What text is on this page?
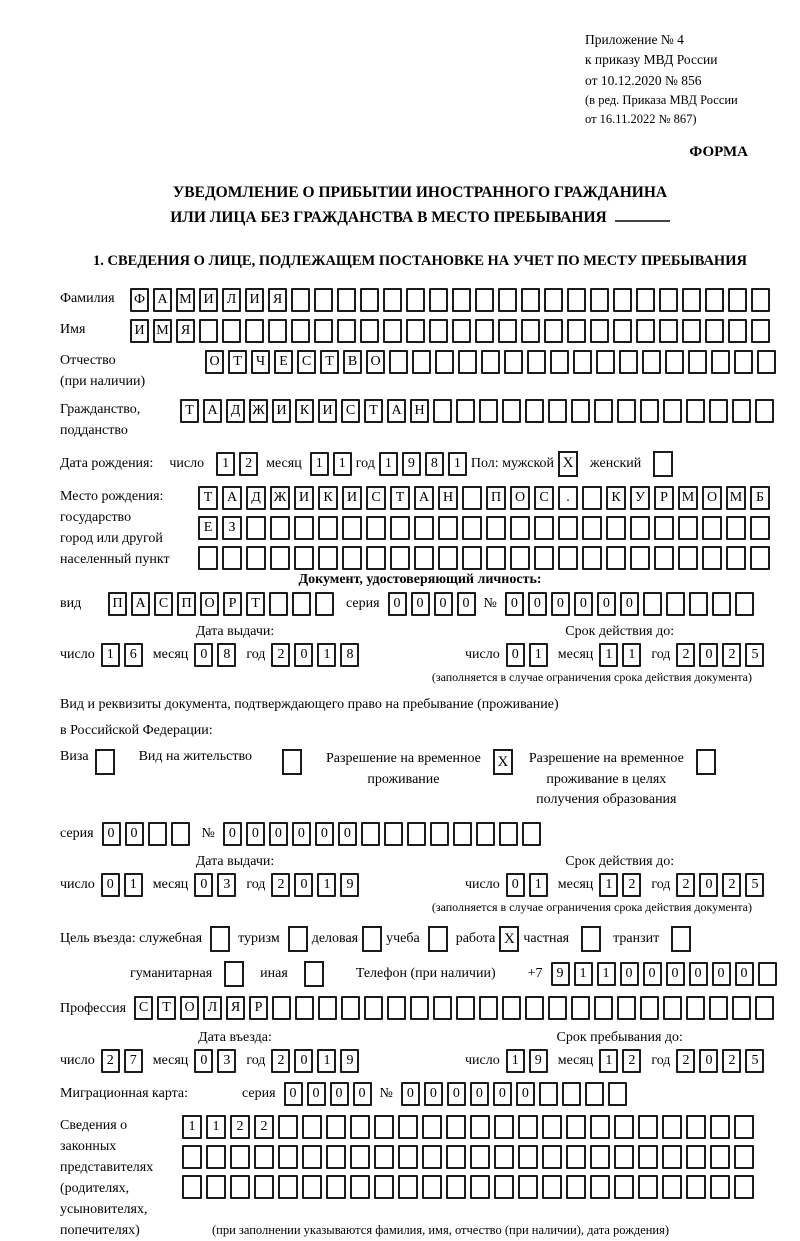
Приложение № 4
к приказу МВД России
от 10.12.2020 № 856
(в ред. Приказа МВД России
от 16.11.2022 № 867)
ФОРМА
УВЕДОМЛЕНИЕ О ПРИБЫТИИ ИНОСТРАННОГО ГРАЖДАНИНА
ИЛИ ЛИЦА БЕЗ ГРАЖДАНСТВА В МЕСТО ПРЕБЫВАНИЯ
1. СВЕДЕНИЯ О ЛИЦЕ, ПОДЛЕЖАЩЕМ ПОСТАНОВКЕ НА УЧЕТ ПО МЕСТУ ПРЕБЫВАНИЯ
Фамилия	Ф А М И Л И Я
Имя	И М Я
Отчество
(при наличии)
О Т	Ч	Е	С	Т	В О
Гражданство,
подданство
Т А Д Ж И К И С	Т А Н
Дата рождения: число	1	2	месяц	1	1 год 1	9	8	1 Пол: мужской X	женский
Место рождения:
государство
город или другой
населенный пункт
Т	А	Д Ж И	К	И	С	Т	А Н	П О	С	.	К	У	Р М О М Б
Е	З
Документ, удостоверяющий личность:
вид	П А С П О	Р	Т	серия	0	0	0	0	№	0	0	0	0	0	0
Дата выдачи:
число 1	6	месяц 0	8	год 2	0	1	8
Срок действия до:
число 0	1	месяц 1	1	год 2	0	2	5
(заполняется в случае ограничения срока действия документа)
Вид и реквизиты документа, подтверждающего право на пребывание (проживание)
в Российской Федерации:
Виза	Вид на жительство	Разрешение на временное
проживание
X	Разрешение на временное
проживание в целях
получения образования
серия	0	0	№	0	0	0	0	0	0
Дата выдачи:
число 0	1	месяц 0	3	год 2	0	1	9
Срок действия до:
число 0	1	месяц 1	2	год 2	0	2	5
(заполняется в случае ограничения срока действия документа)
Цель въезда: служебная	туризм деловая учеба	работа X частная	транзит
гуманитарная	иная	Телефон (при наличии) +7	9	1	1	0	0	0	0	0	0
Профессия С	Т О Л Я	Р
Дата въезда:
число 2	7	месяц 0	3	год 2	0	1	9
Срок пребывания до:
число 1	9	месяц 1	2	год 2	0	2	5
Миграционная карта:	серия	0	0	0	0	№	0	0	0	0	0	0
Сведения о
законных
представителях
(родителях,
усыновителях,
попечителях)
1	1	2	2
(при заполнении указываются фамилия, имя, отчество (при наличии), дата рождения)
